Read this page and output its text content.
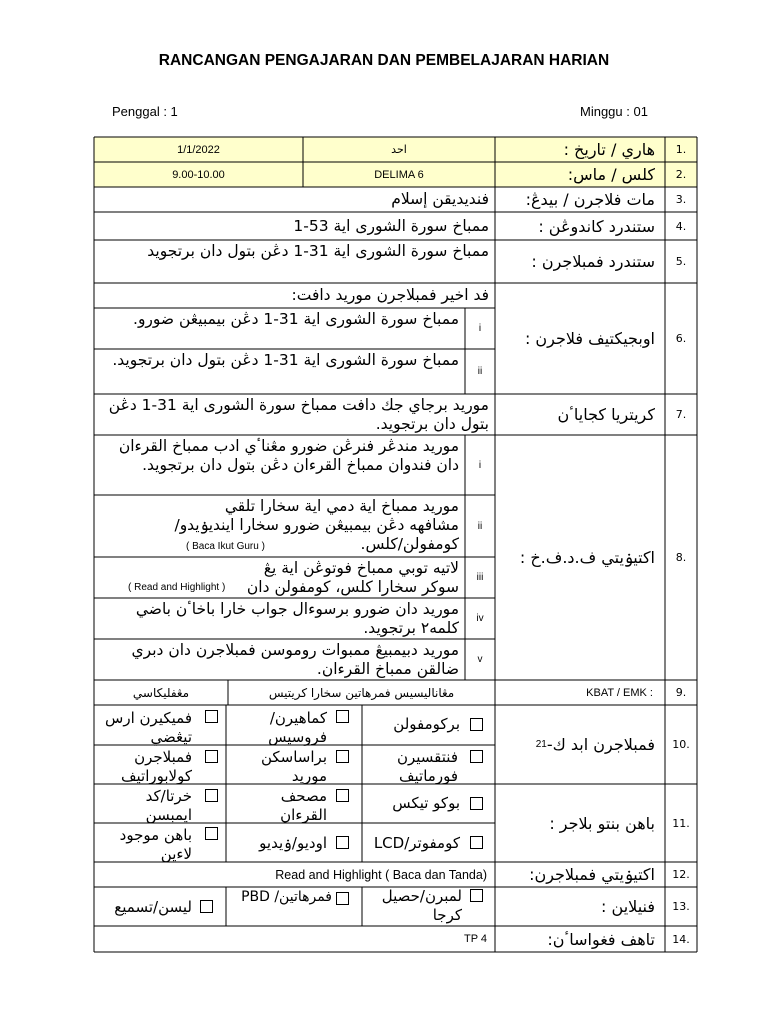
RANCANGAN PENGAJARAN DAN PEMBELAJARAN HARIAN
Penggal : 1	Minggu : 01
1.
هاري / تاريخ :
احد
1/1/2022
2.
كلس / ماس:
DELIMA 6
9.00-10.00
3.
مات فلاجرن / بيدڠ:
فنديديقن إسلام
4.
ستندرد كاندوڠن :
ممباخ سورة الشورى اية 53-1
5.
ستندرد فمبلاجرن :
ممباخ سورة الشورى اية 31-1 دڠن بتول دان برتجويد
6.
اوبجيكتيف فلاجرن :
فد اخير فمبلاجرن موريد دافت:
i
ممباخ سورة الشورى اية 31-1 دڠن بيمبيڠن ضورو.
ii
ممباخ سورة الشورى اية 31-1 دڠن بتول دان برتجويد.
7.
كريتريا كجاياٴن
موريد برجاي جك دافت ممباخ سورة الشورى اية 31-1 دڠن بتول دان برتجويد.
8.
اكتيۏيتي ف.د.ف.خ :
i
موريد مندڠر فنرڠن ضورو مڠناٴي ادب ممباخ القرءان دان فندوان ممباخ القرءان دڠن بتول دان برتجويد.
ii
موريد ممباخ اية دمي اية سخارا تلقي مشافهه دڠن بيمبيڠن ضورو سخارا اينديۏيدو/كومفولن/كلس.
( Baca Ikut Guru )
iii
لاتيه توبي ممباخ فوتوڠن اية يڠ سوكر سخارا كلس، كومفولن دان
( Read and Highlight )
iv
موريد دان ضورو برسوءال جواب خارا باخاٴن باضي كلمه٢ برتجويد.
v
موريد دبيمبيڠ ممبوات روموسن فمبلاجرن دان دبري ضالقن ممباخ القرءان.
9.
KBAT / EMK :
مڠاناليسيس فمرهاتين سخارا كريتيس
مڠفليكاسي
10.
فمبلاجرن ابد ك-
21
بركومفولن
كماهيرن/ فروسيس
فميكيرن ارس تيڠضي
فنتقسيرن فورماتيف
براساسكن موريد
فمبلاجرن كولابوراتيف
11.
باهن بنتو بلاجر :
بوكو تيكس
مصحف القرءان
خرتا/كد ايمبسن
كومفوتر/LCD
اوديو/ۏيديو
باهن موجود لاءين
12.
اكتيۏيتي فمبلاجرن:
Read and Highlight ( Baca dan Tanda)
13.
فنيلاين :
لمبرن/حصيل كرجا
فمرهاتين/ PBD
ليسن/تسميع
14.
تاهف فغواساٴن:
TP 4
